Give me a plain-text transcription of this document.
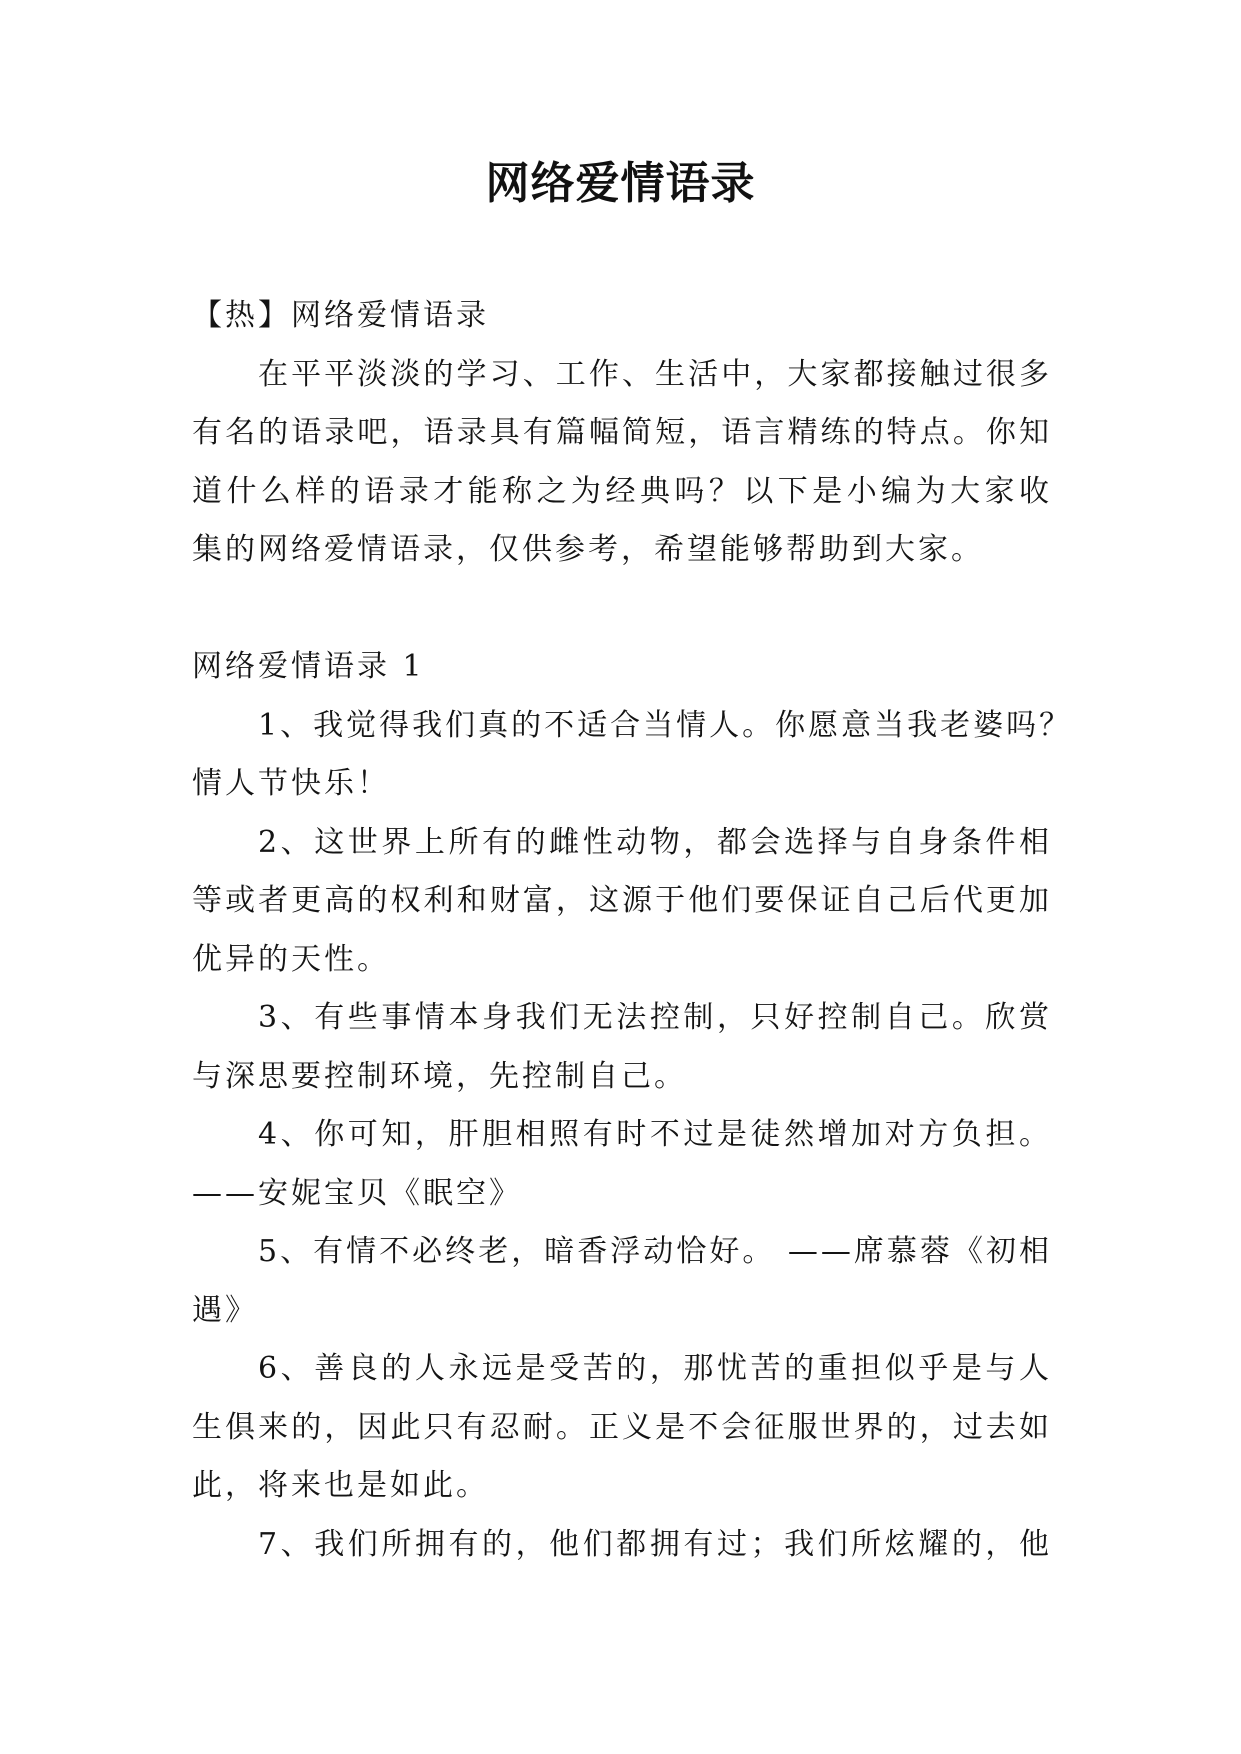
网络爱情语录
【热】网络爱情语录
在平平淡淡的学习、工作、生活中，大家都接触过很多
有名的语录吧，语录具有篇幅简短，语言精练的特点。你知
道什么样的语录才能称之为经典吗？以下是小编为大家收
集的网络爱情语录，仅供参考，希望能够帮助到大家。
网络爱情语录 1
1、我觉得我们真的不适合当情人。你愿意当我老婆吗？
情人节快乐！
2、这世界上所有的雌性动物，都会选择与自身条件相
等或者更高的权利和财富，这源于他们要保证自己后代更加
优异的天性。
3、有些事情本身我们无法控制，只好控制自己。欣赏
与深思要控制环境，先控制自己。
4、你可知，肝胆相照有时不过是徒然增加对方负担。
——安妮宝贝《眠空》
5、有情不必终老，暗香浮动恰好。 ——席慕蓉《初相
遇》
6、善良的人永远是受苦的，那忧苦的重担似乎是与人
生俱来的，因此只有忍耐。正义是不会征服世界的，过去如
此，将来也是如此。
7、我们所拥有的，他们都拥有过；我们所炫耀的，他
